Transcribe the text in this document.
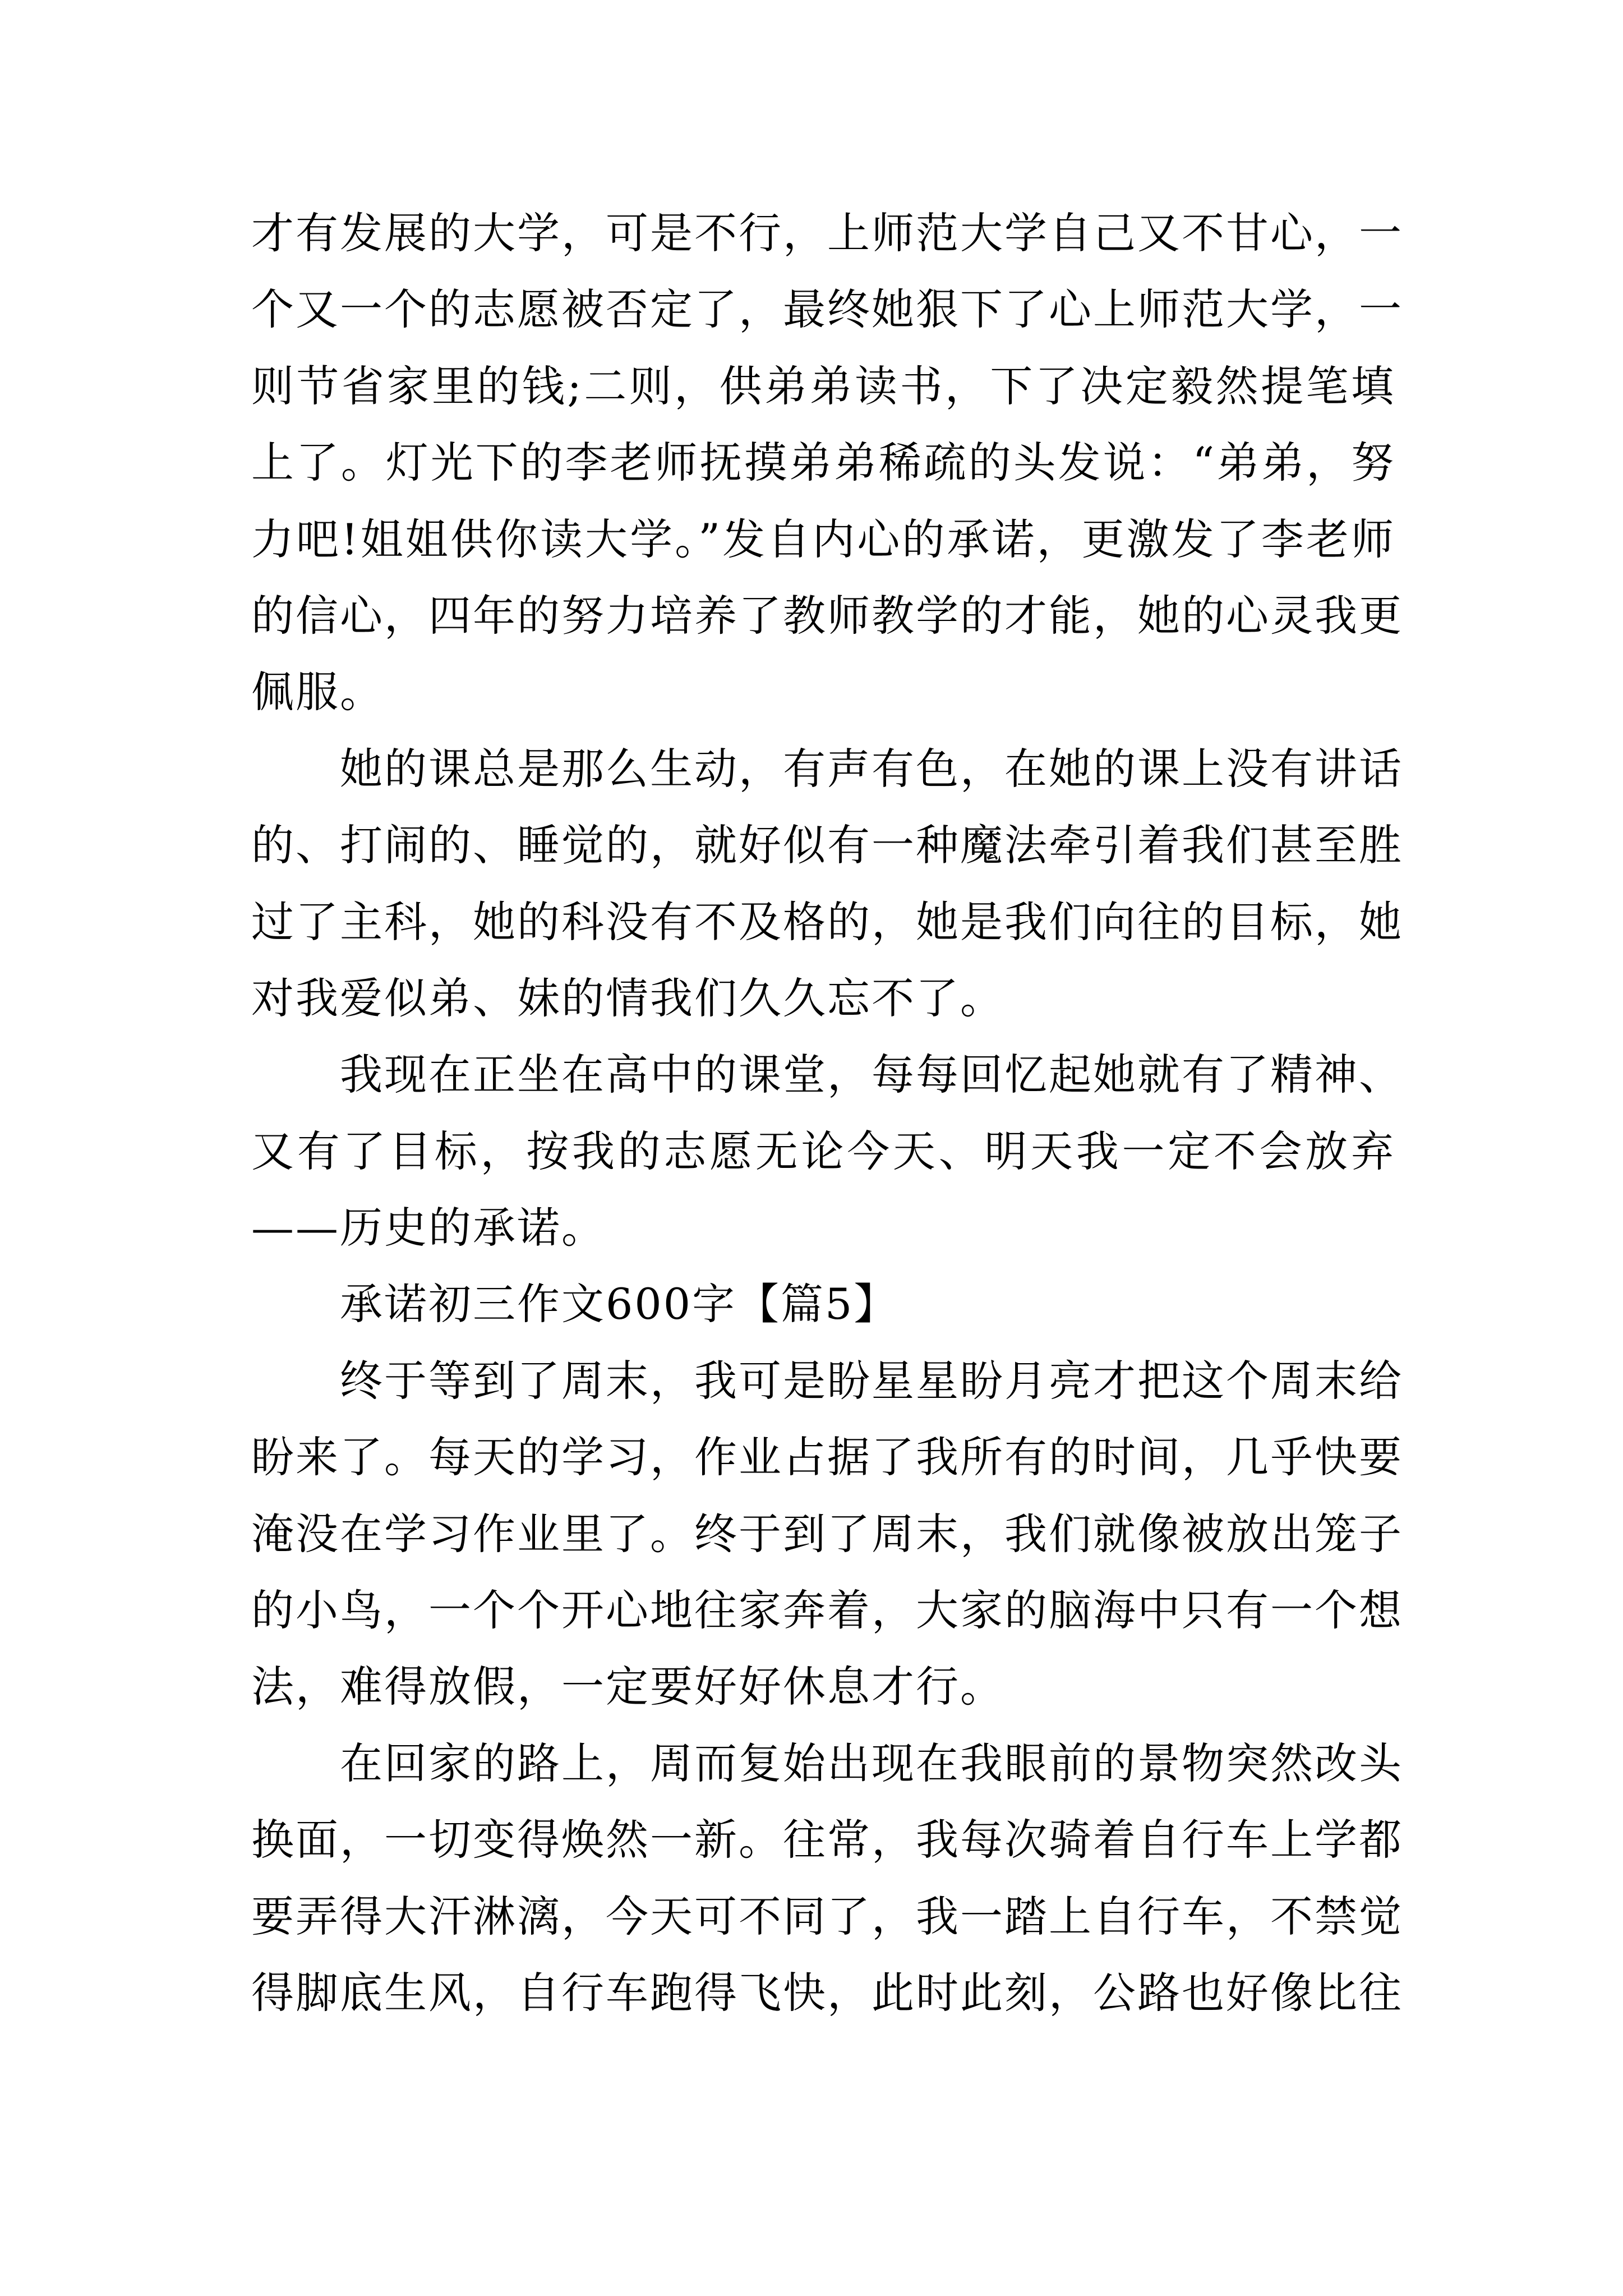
才有发展的大学，可是不行，上师范大学自己又不甘心，一
个又一个的志愿被否定了，最终她狠下了心上师范大学，一
则节省家里的钱;二则，供弟弟读书，下了决定毅然提笔填
上了。灯光下的李老师抚摸弟弟稀疏的头发说：“弟弟，努
力吧!姐姐供你读大学。”发自内心的承诺，更激发了李老师
的信心，四年的努力培养了教师教学的才能，她的心灵我更
佩服。
　　她的课总是那么生动，有声有色，在她的课上没有讲话
的、打闹的、睡觉的，就好似有一种魔法牵引着我们甚至胜
过了主科，她的科没有不及格的，她是我们向往的目标，她
对我爱似弟、妹的情我们久久忘不了。
　　我现在正坐在高中的课堂，每每回忆起她就有了精神、
又有了目标，按我的志愿无论今天、明天我一定不会放弃
——历史的承诺。
　　承诺初三作文600字【篇5】
　　终于等到了周末，我可是盼星星盼月亮才把这个周末给
盼来了。每天的学习，作业占据了我所有的时间，几乎快要
淹没在学习作业里了。终于到了周末，我们就像被放出笼子
的小鸟，一个个开心地往家奔着，大家的脑海中只有一个想
法，难得放假，一定要好好休息才行。
　　在回家的路上，周而复始出现在我眼前的景物突然改头
换面，一切变得焕然一新。往常，我每次骑着自行车上学都
要弄得大汗淋漓，今天可不同了，我一踏上自行车，不禁觉
得脚底生风，自行车跑得飞快，此时此刻，公路也好像比往
